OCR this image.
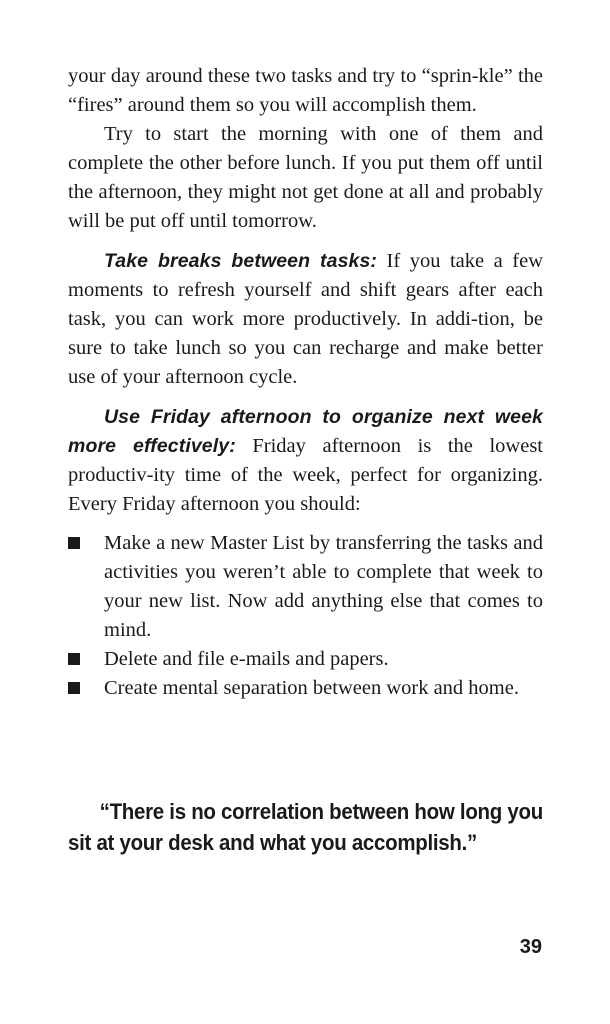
your day around these two tasks and try to “sprin-kle” the “fires” around them so you will accomplish them.

Try to start the morning with one of them and complete the other before lunch. If you put them off until the afternoon, they might not get done at all and probably will be put off until tomorrow.

Take breaks between tasks: If you take a few moments to refresh yourself and shift gears after each task, you can work more productively. In addi-tion, be sure to take lunch so you can recharge and make better use of your afternoon cycle.

Use Friday afternoon to organize next week more effectively: Friday afternoon is the lowest productiv-ity time of the week, perfect for organizing. Every Friday afternoon you should:

Make a new Master List by transferring the tasks and activities you weren’t able to complete that week to your new list. Now add anything else that comes to mind.
Delete and file e-mails and papers.
Create mental separation between work and home.

“There is no correlation between how long you sit at your desk and what you accomplish.”

39
